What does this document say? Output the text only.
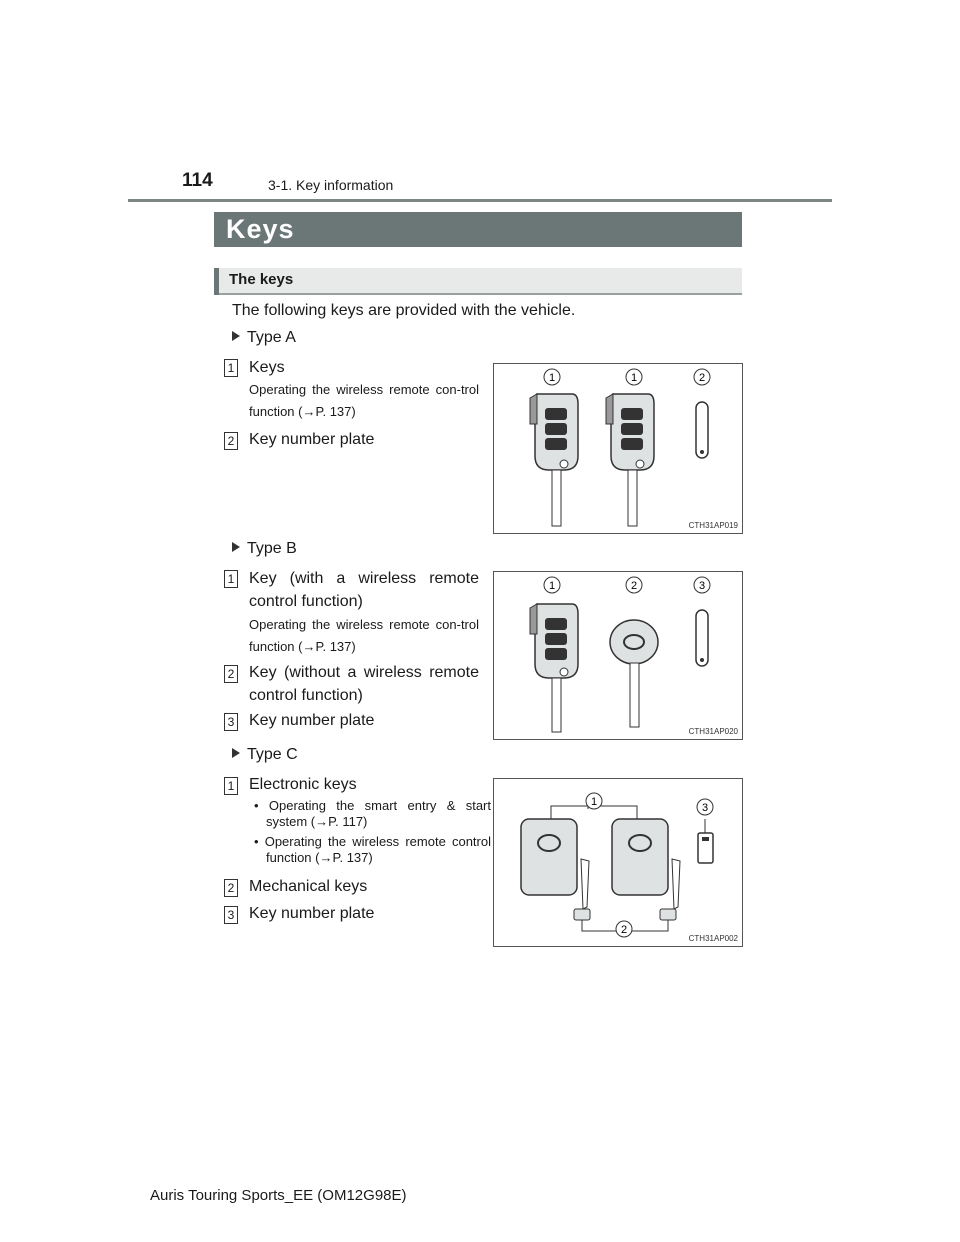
114	3-1. Key information
Keys
The keys
The following keys are provided with the vehicle.
Type A
1 Keys
Operating the wireless remote con-trol function (→P. 137)
2 Key number plate
1	1	2
CTH31AP019
Type B
1 Key (with a wireless remote control function)
Operating the wireless remote con-trol function (→P. 137)
2 Key (without a wireless remote control function)
3 Key number plate
1	2	3
CTH31AP020
Type C
1 Electronic keys
• Operating the smart entry & start system (→P. 117)
• Operating the wireless remote control function (→P. 137)
2 Mechanical keys
3 Key number plate
1	3
2
CTH31AP002
Auris Touring Sports_EE (OM12G98E)
